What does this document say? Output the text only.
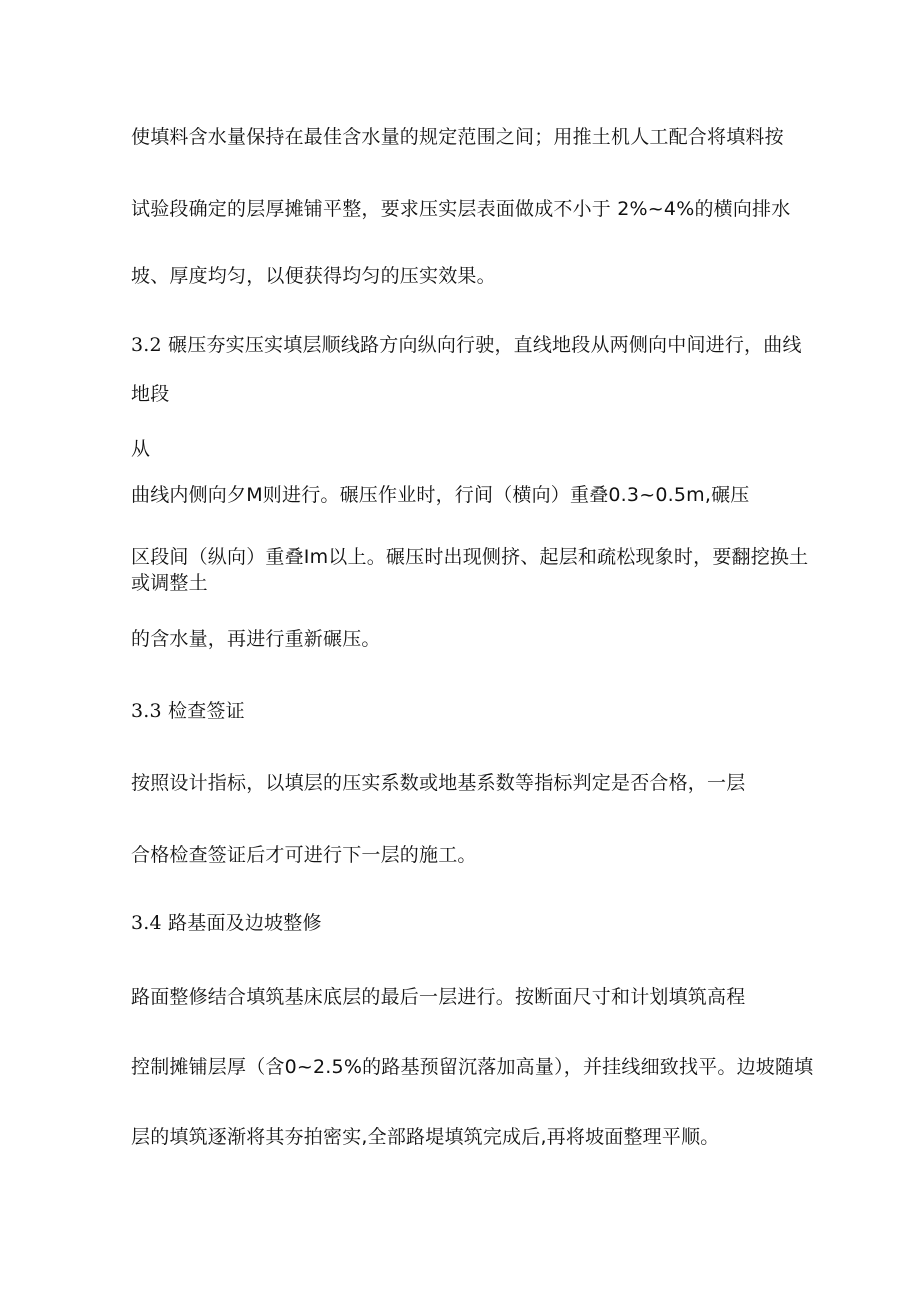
使填料含水量保持在最佳含水量的规定范围之间；用推土机人工配合将填料按
试验段确定的层厚摊铺平整，要求压实层表面做成不小于 2%~4%的横向排水
坡、厚度均匀，以便获得均匀的压实效果。
3.2 碾压夯实压实填层顺线路方向纵向行驶，直线地段从两侧向中间进行，曲线
地段
从
曲线内侧向夕M则进行。碾压作业时，行间（横向）重叠0.3~0.5m,碾压
区段间（纵向）重叠Im以上。碾压时出现侧挤、起层和疏松现象时，要翻挖换土
或调整土
的含水量，再进行重新碾压。
3.3 检查签证
按照设计指标，以填层的压实系数或地基系数等指标判定是否合格，一层
合格检查签证后才可进行下一层的施工。
3.4 路基面及边坡整修
路面整修结合填筑基床底层的最后一层进行。按断面尺寸和计划填筑高程
控制摊铺层厚（含0~2.5%的路基预留沉落加高量），并挂线细致找平。边坡随填
层的填筑逐渐将其夯拍密实,全部路堤填筑完成后,再将坡面整理平顺。
